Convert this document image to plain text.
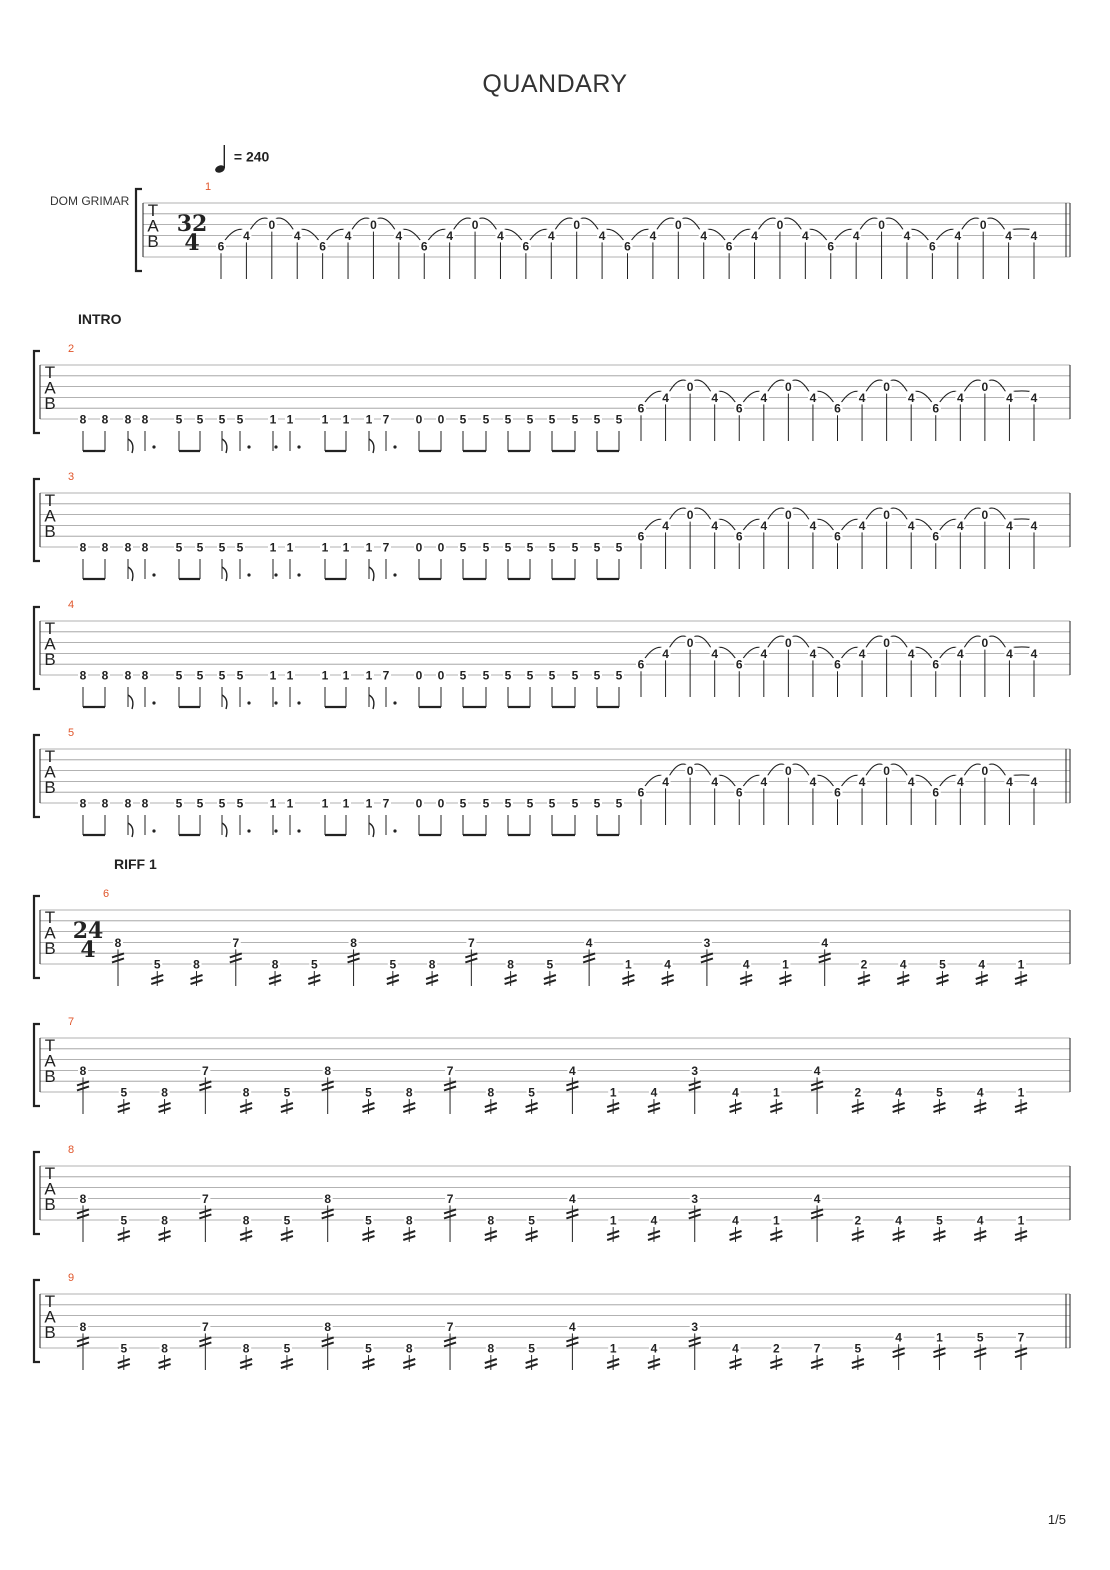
QUANDARY
= 240
DOM GRIMAR
INTRO
RIFF 1
T
A
B
1
6
4
0
4
6
4
0
4
6
4
0
4
6
4
0
4
6
4
0
4
6
4
0
4
6
4
0
4
6
4
0
4 4
T
A
B
2
8 8 8 8 5 5 5 5 1 1 1 1 1 7 0 0 5 5 5 5 5 5 5 5
6
4
0
4
6
4
0
4
6
4
0
4
6
4
0
4 4
T
A
B
3
8 8 8 8 5 5 5 5 1 1 1 1 1 7 0 0 5 5 5 5 5 5 5 5
6
4
0
4
6
4
0
4
6
4
0
4
6
4
0
4 4
T
A
B
4
8 8 8 8 5 5 5 5 1 1 1 1 1 7 0 0 5 5 5 5 5 5 5 5
6
4
0
4
6
4
0
4
6
4
0
4
6
4
0
4 4
T
A
B
5
8 8 8 8 5 5 5 5 1 1 1 1 1 7 0 0 5 5 5 5 5 5 5 5
6
4
0
4
6
4
0
4
6
4
0
4
6
4
0
4 4
T
A
B
6
8
5	8
7
8	5
8
5	8
7
8	5
4
1	4
3
4	1
4
2	4	5	4	1
T
A
B
7
8
5	8
7
8	5
8
5	8
7
8	5
4
1	4
3
4	1
4
2	4	5	4	1
T
A
B
8
8
5	8
7
8	5
8
5	8
7
8	5
4
1	4
3
4	1
4
2	4	5	4	1
T
A
B
9
8
5	8
7
8	5
8
5	8
7
8	5
4
1	4
3
4	2	7	5
4	1	5	7
32
4
24
4
1/5
